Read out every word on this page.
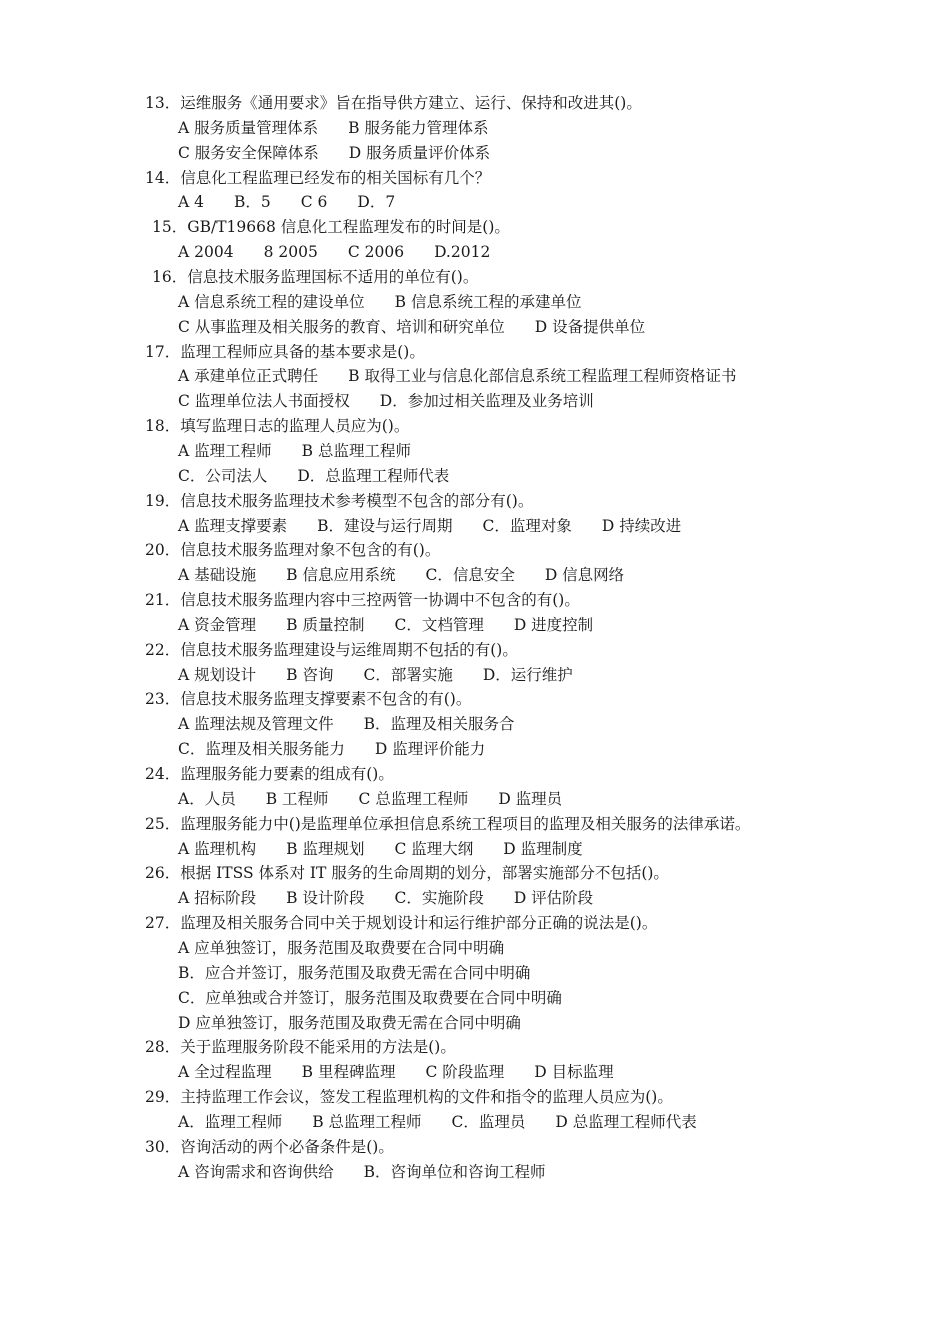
13．运维服务《通用要求》旨在指导供方建立、运行、保持和改进其()。
A 服务质量管理体系 B 服务能力管理体系
C 服务安全保障体系 D 服务质量评价体系
14．信息化工程监理已经发布的相关国标有几个？
A 4 B．5 C 6 D．7
15．GB/T19668 信息化工程监理发布的时间是()。
A 2004 8 2005 C 2006 D.2012
16．信息技术服务监理国标不适用的单位有()。
A 信息系统工程的建设单位 B 信息系统工程的承建单位
C 从事监理及相关服务的教育、培训和研究单位 D 设备提供单位
17．监理工程师应具备的基本要求是()。
A 承建单位正式聘任 B 取得工业与信息化部信息系统工程监理工程师资格证书
C 监理单位法人书面授权 D．参加过相关监理及业务培训
18．填写监理日志的监理人员应为()。
A 监理工程师 B 总监理工程师
C．公司法人 D．总监理工程师代表
19．信息技术服务监理技术参考模型不包含的部分有()。
A 监理支撑要素 B．建设与运行周期 C．监理对象 D 持续改进
20．信息技术服务监理对象不包含的有()。
A 基础设施 B 信息应用系统 C．信息安全 D 信息网络
21．信息技术服务监理内容中三控两管一协调中不包含的有()。
A 资金管理 B 质量控制 C．文档管理 D 进度控制
22．信息技术服务监理建设与运维周期不包括的有()。
A 规划设计 B 咨询 C．部署实施 D．运行维护
23．信息技术服务监理支撑要素不包含的有()。
A 监理法规及管理文件 B．监理及相关服务合
C．监理及相关服务能力 D 监理评价能力
24．监理服务能力要素的组成有()。
A．人员 B 工程师 C 总监理工程师 D 监理员
25．监理服务能力中()是监理单位承担信息系统工程项目的监理及相关服务的法律承诺。
A 监理机构 B 监理规划 C 监理大纲 D 监理制度
26．根据 ITSS 体系对 IT 服务的生命周期的划分，部署实施部分不包括()。
A 招标阶段 B 设计阶段 C．实施阶段 D 评估阶段
27．监理及相关服务合同中关于规划设计和运行维护部分正确的说法是()。
A 应单独签订，服务范围及取费要在合同中明确
B．应合并签订，服务范围及取费无需在合同中明确
C．应单独或合并签订，服务范围及取费要在合同中明确
D 应单独签订，服务范围及取费无需在合同中明确
28．关于监理服务阶段不能采用的方法是()。
A 全过程监理 B 里程碑监理 C 阶段监理 D 目标监理
29．主持监理工作会议，签发工程监理机构的文件和指令的监理人员应为()。
A．监理工程师 B 总监理工程师 C．监理员 D 总监理工程师代表
30．咨询活动的两个必备条件是()。
A 咨询需求和咨询供给 B．咨询单位和咨询工程师
